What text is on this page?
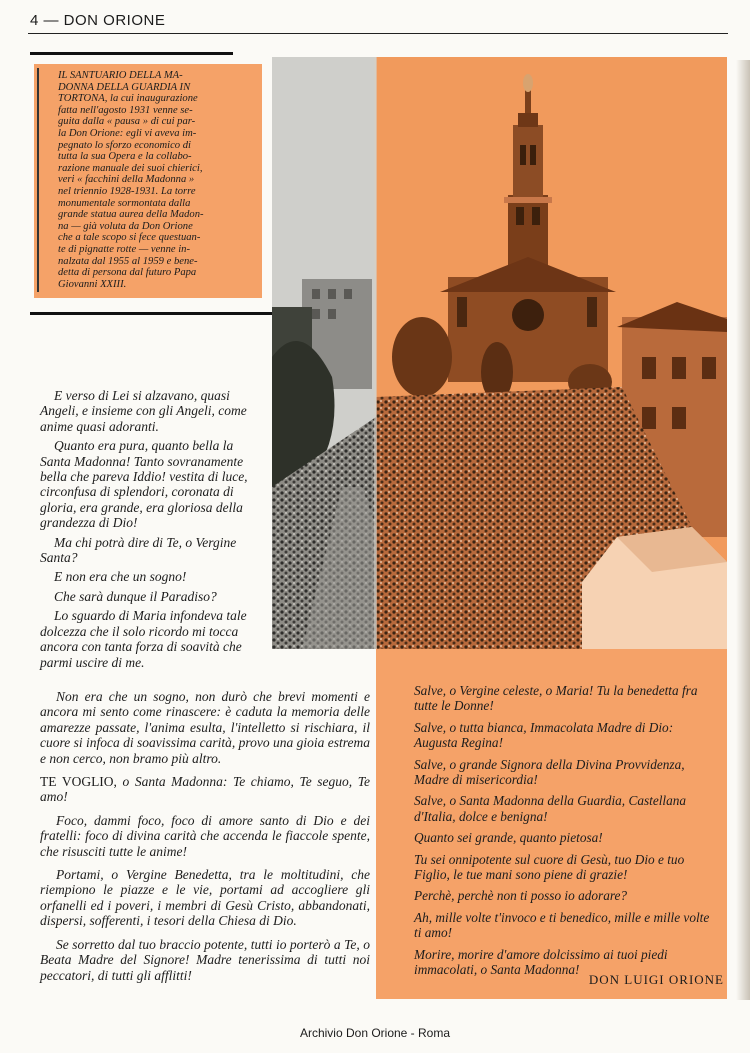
4 — DON ORIONE
IL SANTUARIO DELLA MA-
DONNA DELLA GUARDIA IN
TORTONA, la cui inaugurazione
fatta nell'agosto 1931 venne se-
guita dalla « pausa » di cui par-
la Don Orione: egli vi aveva im-
pegnato lo sforzo economico di
tutta la sua Opera e la collabo-
razione manuale dei suoi chierici,
veri « facchini della Madonna »
nel triennio 1928-1931. La torre
monumentale sormontata dalla
grande statua aurea della Madon-
na — già voluta da Don Orione
che a tale scopo si fece questuan-
te di pignatte rotte — venne in-
nalzata dal 1955 al 1959 e bene-
detta di persona dal futuro Papa
Giovanni XXIII.

E verso di Lei si alzavano, quasi Angeli, e insieme con gli Angeli, come anime quasi adoranti.

Quanto era pura, quanto bella la Santa Madonna! Tanto sovranamente bella che pareva Iddio! vestita di luce, circonfusa di splendori, coronata di gloria, era grande, era gloriosa della grandezza di Dio!

Ma chi potrà dire di Te, o Vergine Santa?

E non era che un sogno!

Che sarà dunque il Paradiso?

Lo sguardo di Maria infondeva tale dolcezza che il solo ricordo mi tocca ancora con tanta forza di soavità che parmi uscire di me.

Non era che un sogno, non durò che brevi momenti e ancora mi sento come rinascere: è caduta la memoria delle amarezze passate, l'anima esulta, l'intelletto si rischiara, il cuore si infoca di soavissima carità, provo una gioia estrema e non cerco, non bramo più altro.

TE VOGLIO, o Santa Madonna: Te chiamo, Te seguo, Te amo!

Foco, dammi foco, foco di amore santo di Dio e dei fratelli: foco di divina carità che accenda le fiaccole spente, che risusciti tutte le anime!

Portami, o Vergine Benedetta, tra le moltitudini, che riempiono le piazze e le vie, portami ad accogliere gli orfanelli ed i poveri, i membri di Gesù Cristo, abbandonati, dispersi, sofferenti, i tesori della Chiesa di Dio.

Se sorretto dal tuo braccio potente, tutti io porterò a Te, o Beata Madre del Signore! Madre tenerissima di tutti noi peccatori, di tutti gli afflitti!

Salve, o Vergine celeste, o Maria! Tu la benedetta fra tutte le Donne!

Salve, o tutta bianca, Immacolata Madre di Dio: Augusta Regina!

Salve, o grande Signora della Divina Provvidenza, Madre di misericordia!

Salve, o Santa Madonna della Guardia, Castellana d'Italia, dolce e benigna!

Quanto sei grande, quanto pietosa!

Tu sei onnipotente sul cuore di Gesù, tuo Dio e tuo Figlio, le tue mani sono piene di grazie!

Perchè, perchè non ti posso io adorare?

Ah, mille volte t'invoco e ti benedico, mille e mille volte ti amo!

Morire, morire d'amore dolcissimo ai tuoi piedi immacolati, o Santa Madonna!

DON LUIGI ORIONE
Archivio Don Orione - Roma
